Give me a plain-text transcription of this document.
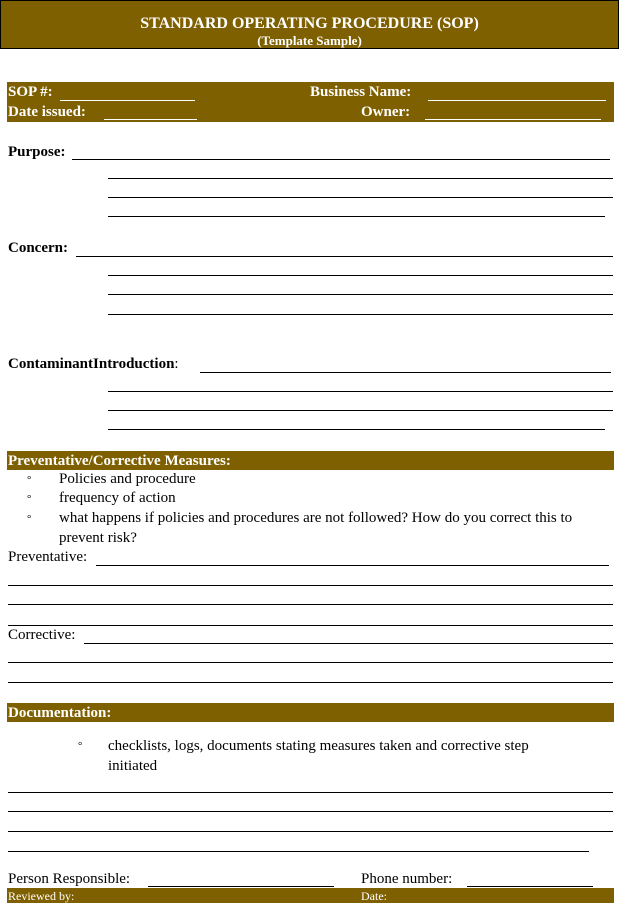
STANDARD OPERATING PROCEDURE (SOP)
(Template Sample)
SOP #:	Business Name:
Date issued:	Owner:
Purpose:
Concern:
ContaminantIntroduction:
Preventative/Corrective Measures:
° Policies and procedure
° frequency of action
° what happens if policies and procedures are not followed? How do you correct this to prevent risk?
Preventative:
Corrective:
Documentation:
° checklists, logs, documents stating measures taken and corrective step initiated
Person Responsible:	Phone number:
Reviewed by:	Date:
